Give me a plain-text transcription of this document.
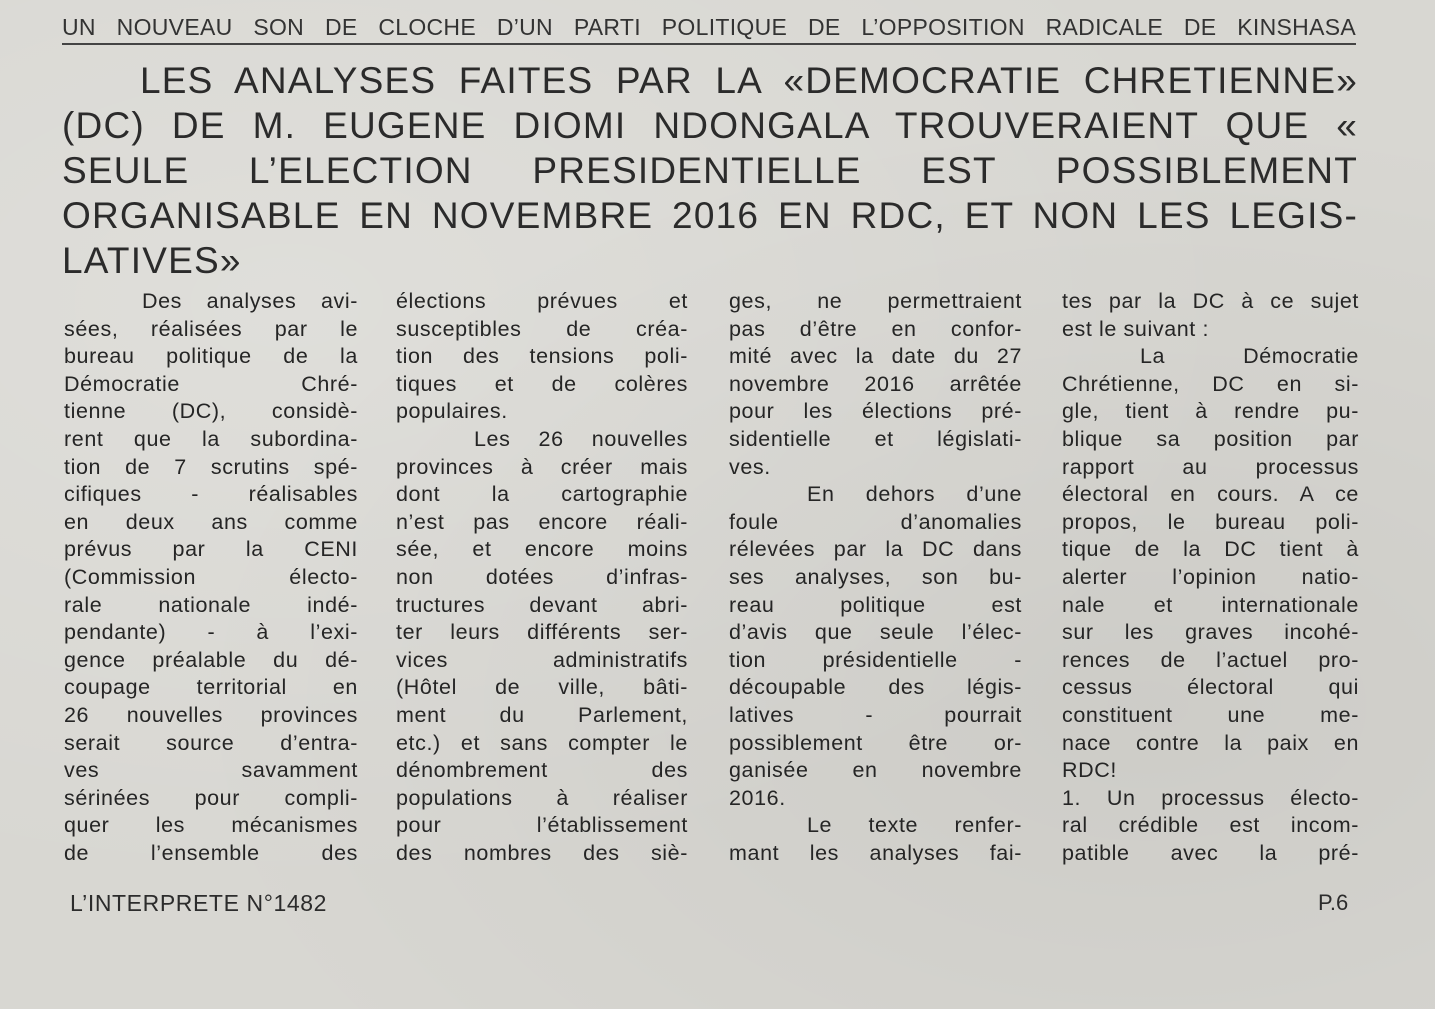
UN NOUVEAU SON DE CLOCHE D’UN PARTI POLITIQUE DE L’OPPOSITION RADICALE DE KINSHASA
LES ANALYSES FAITES PAR LA «DEMOCRATIE CHRETIENNE»
(DC) DE M. EUGENE DIOMI NDONGALA TROUVERAIENT QUE «
SEULE L’ELECTION PRESIDENTIELLE EST POSSIBLEMENT
ORGANISABLE EN NOVEMBRE 2016 EN RDC, ET NON LES LEGIS-
LATIVES»
Des analyses avi-
sées, réalisées par le
bureau politique de la
Démocratie Chré-
tienne (DC), considè-
rent que la subordina-
tion de 7 scrutins spé-
cifiques - réalisables
en deux ans comme
prévus par la CENI
(Commission électo-
rale nationale indé-
pendante) - à l’exi-
gence préalable du dé-
coupage territorial en
26 nouvelles provinces
serait source d’entra-
ves savamment
sérinées pour compli-
quer les mécanismes
de l’ensemble des
élections prévues et
susceptibles de créa-
tion des tensions poli-
tiques et de colères
populaires.
Les 26 nouvelles
provinces à créer mais
dont la cartographie
n’est pas encore réali-
sée, et encore moins
non dotées d’infras-
tructures devant abri-
ter leurs différents ser-
vices administratifs
(Hôtel de ville, bâti-
ment du Parlement,
etc.) et sans compter le
dénombrement des
populations à réaliser
pour l’établissement
des nombres des siè-
ges, ne permettraient
pas d’être en confor-
mité avec la date du 27
novembre 2016 arrêtée
pour les élections pré-
sidentielle et législati-
ves.
En dehors d’une
foule d’anomalies
rélevées par la DC dans
ses analyses, son bu-
reau politique est
d’avis que seule l’élec-
tion présidentielle -
découpable des légis-
latives - pourrait
possiblement être or-
ganisée en novembre
2016.
Le texte renfer-
mant les analyses fai-
tes par la DC à ce sujet
est le suivant :
La Démocratie
Chrétienne, DC en si-
gle, tient à rendre pu-
blique sa position par
rapport au processus
électoral en cours. A ce
propos, le bureau poli-
tique de la DC tient à
alerter l’opinion natio-
nale et internationale
sur les graves incohé-
rences de l’actuel pro-
cessus électoral qui
constituent une me-
nace contre la paix en
RDC!
1. Un processus électo-
ral crédible est incom-
patible avec la pré-
L’INTERPRETE N°1482	P.6
